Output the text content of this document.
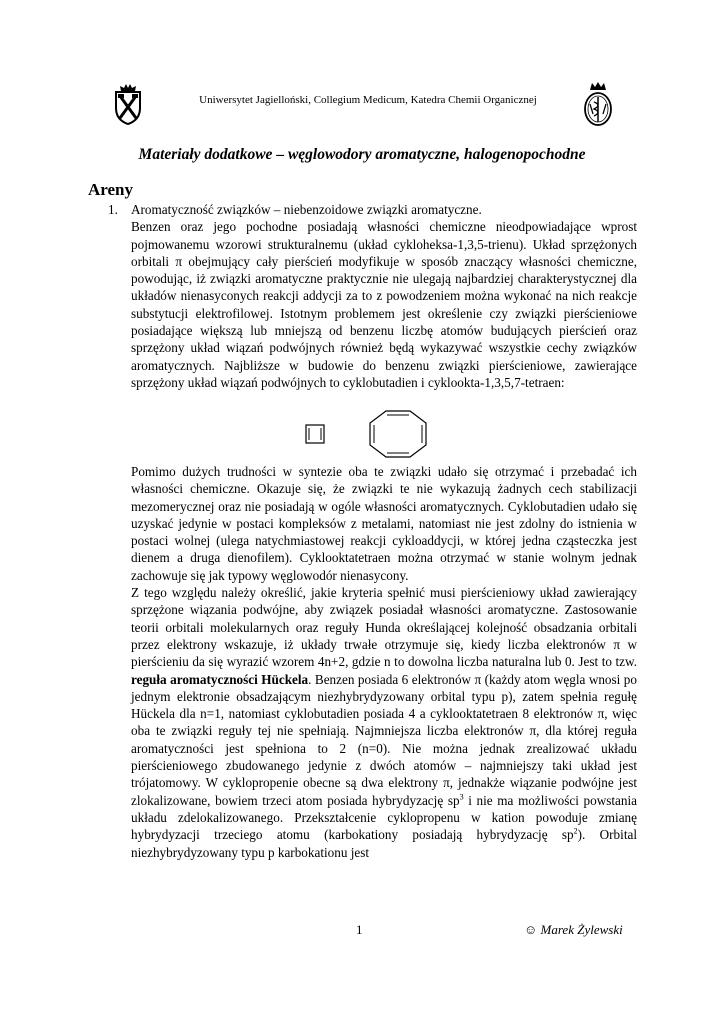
Uniwersytet Jagielloński, Collegium Medicum, Katedra Chemii Organicznej
Materiały dodatkowe – węglowodory aromatyczne, halogenopochodne
Areny
1. Aromatyczność związków – niebenzoidowe związki aromatyczne.
Benzen oraz jego pochodne posiadają własności chemiczne nieodpowiadające wprost pojmowanemu wzorowi strukturalnemu (układ cykloheksa-1,3,5-trienu). Układ sprzężonych orbitali π obejmujący cały pierścień modyfikuje w sposób znaczący własności chemiczne, powodując, iż związki aromatyczne praktycznie nie ulegają najbardziej charakterystycznej dla układów nienasyconych reakcji addycji za to z powodzeniem można wykonać na nich reakcje substytucji elektrofilowej. Istotnym problemem jest określenie czy związki pierścieniowe posiadające większą lub mniejszą od benzenu liczbę atomów budujących pierścień oraz sprzężony układ wiązań podwójnych również będą wykazywać wszystkie cechy związków aromatycznych. Najbliższe w budowie do benzenu związki pierścieniowe, zawierające sprzężony układ wiązań podwójnych to cyklobutadien i cyklookta-1,3,5,7-tetraen:

Pomimo dużych trudności w syntezie oba te związki udało się otrzymać i przebadać ich własności chemiczne. Okazuje się, że związki te nie wykazują żadnych cech stabilizacji mezomerycznej oraz nie posiadają w ogóle własności aromatycznych. Cyklobutadien udało się uzyskać jedynie w postaci kompleksów z metalami, natomiast nie jest zdolny do istnienia w postaci wolnej (ulega natychmiastowej reakcji cykloaddycji, w której jedna cząsteczka jest dienem a druga dienofilem). Cyklooktatetraen można otrzymać w stanie wolnym jednak zachowuje się jak typowy węglowodór nienasycony.

Z tego względu należy określić, jakie kryteria spełnić musi pierścieniowy układ zawierający sprzężone wiązania podwójne, aby związek posiadał własności aromatyczne. Zastosowanie teorii orbitali molekularnych oraz reguły Hunda określającej kolejność obsadzania orbitali przez elektrony wskazuje, iż układy trwałe otrzymuje się, kiedy liczba elektronów π w pierścieniu da się wyrazić wzorem 4n+2, gdzie n to dowolna liczba naturalna lub 0. Jest to tzw. reguła aromatyczności Hückela. Benzen posiada 6 elektronów π (każdy atom węgla wnosi po jednym elektronie obsadzającym niezhybrydyzowany orbital typu p), zatem spełnia regułę Hückela dla n=1, natomiast cyklobutadien posiada 4 a cyklooktatetraen 8 elektronów π, więc oba te związki reguły tej nie spełniają. Najmniejsza liczba elektronów π, dla której reguła aromatyczności jest spełniona to 2 (n=0). Nie można jednak zrealizować układu pierścieniowego zbudowanego jedynie z dwóch atomów – najmniejszy taki układ jest trójatomowy. W cyklopropenie obecne są dwa elektrony π, jednakże wiązanie podwójne jest zlokalizowane, bowiem trzeci atom posiada hybrydyzację $sp^3$ i nie ma możliwości powstania układu zdelokalizowanego. Przekształcenie cyklopropenu w kation powoduje zmianę hybrydyzacji trzeciego atomu (karbokationy posiadają hybrydyzację $sp^2$). Orbital niezhybrydyzowany typu p karbokationu jest

1	☺ Marek Żylewski
